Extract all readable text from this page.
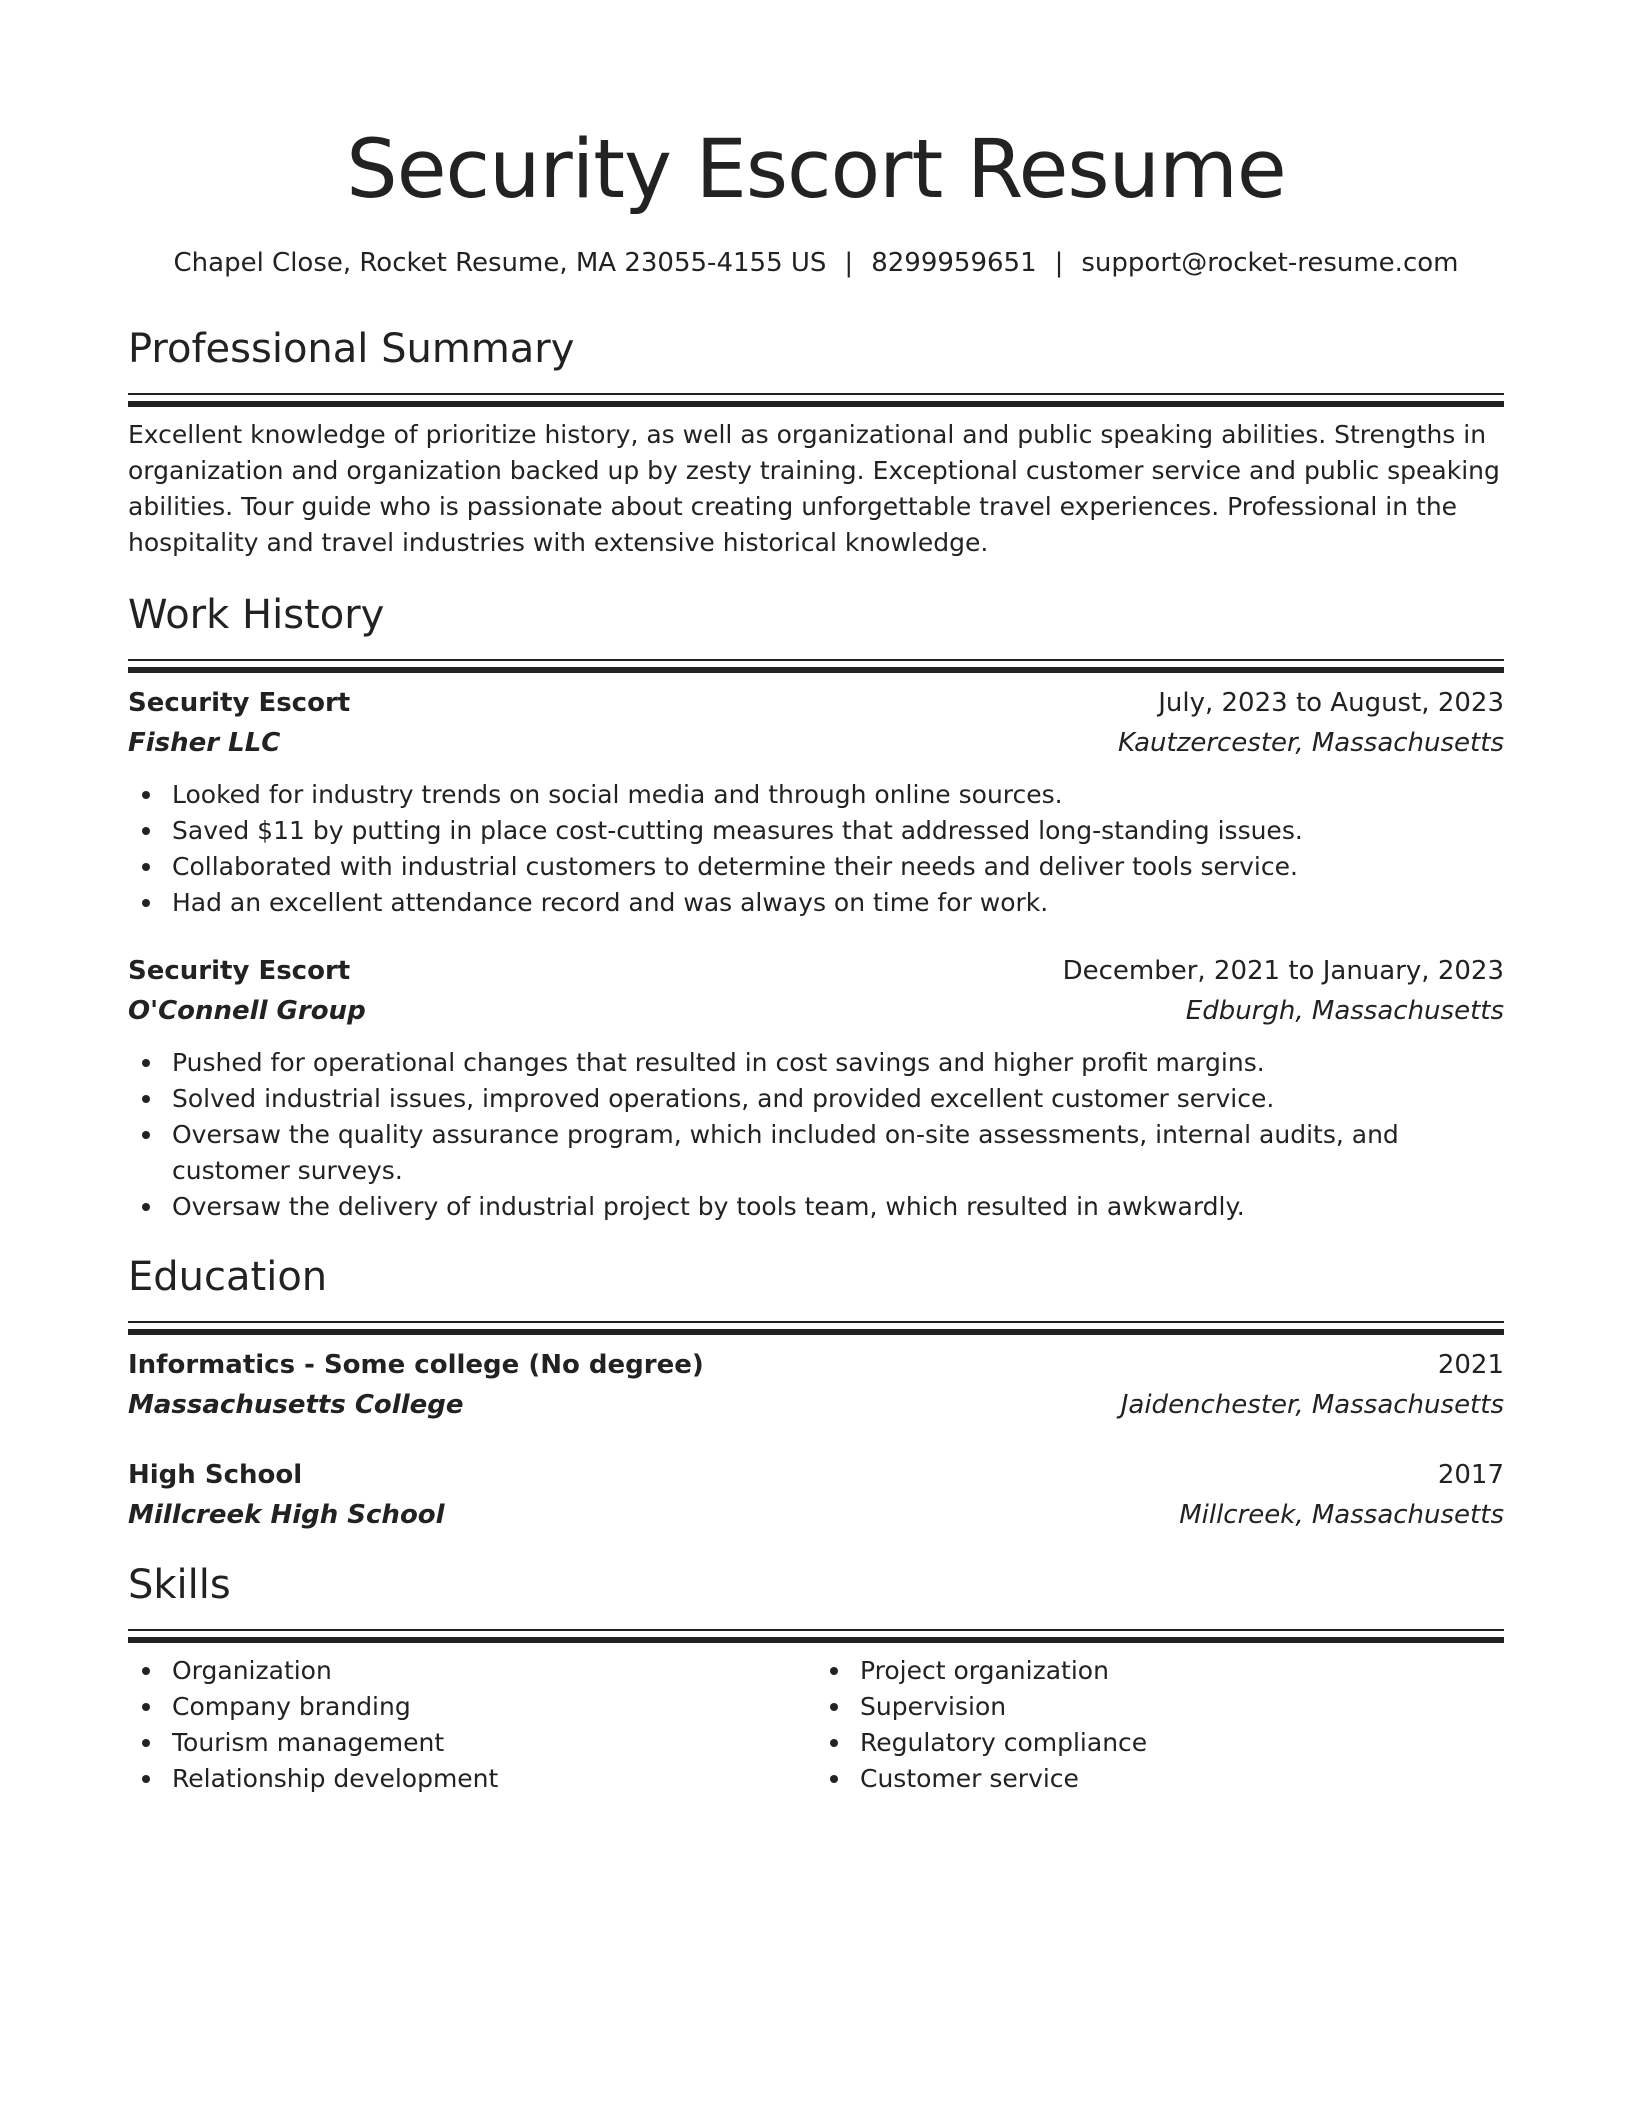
Security Escort Resume
Chapel Close, Rocket Resume, MA 23055-4155 US | 8299959651 | support@rocket-resume.com
Professional Summary

Excellent knowledge of prioritize history, as well as organizational and public speaking abilities. Strengths in organization and organization backed up by zesty training. Exceptional customer service and public speaking abilities. Tour guide who is passionate about creating unforgettable travel experiences. Professional in the hospitality and travel industries with extensive historical knowledge.

Work History
Security Escort	July, 2023 to August, 2023
Fisher LLC	Kautzercester, Massachusetts
Looked for industry trends on social media and through online sources.
Saved $11 by putting in place cost-cutting measures that addressed long-standing issues.
Collaborated with industrial customers to determine their needs and deliver tools service.
Had an excellent attendance record and was always on time for work.
Security Escort	December, 2021 to January, 2023
O'Connell Group	Edburgh, Massachusetts
Pushed for operational changes that resulted in cost savings and higher profit margins.
Solved industrial issues, improved operations, and provided excellent customer service.
Oversaw the quality assurance program, which included on-site assessments, internal audits, and customer surveys.
Oversaw the delivery of industrial project by tools team, which resulted in awkwardly.
Education
Informatics - Some college (No degree)	2021
Massachusetts College	Jaidenchester, Massachusetts
High School	2017
Millcreek High School	Millcreek, Massachusetts
Skills
Organization
Company branding
Tourism management
Relationship development
Project organization
Supervision
Regulatory compliance
Customer service
